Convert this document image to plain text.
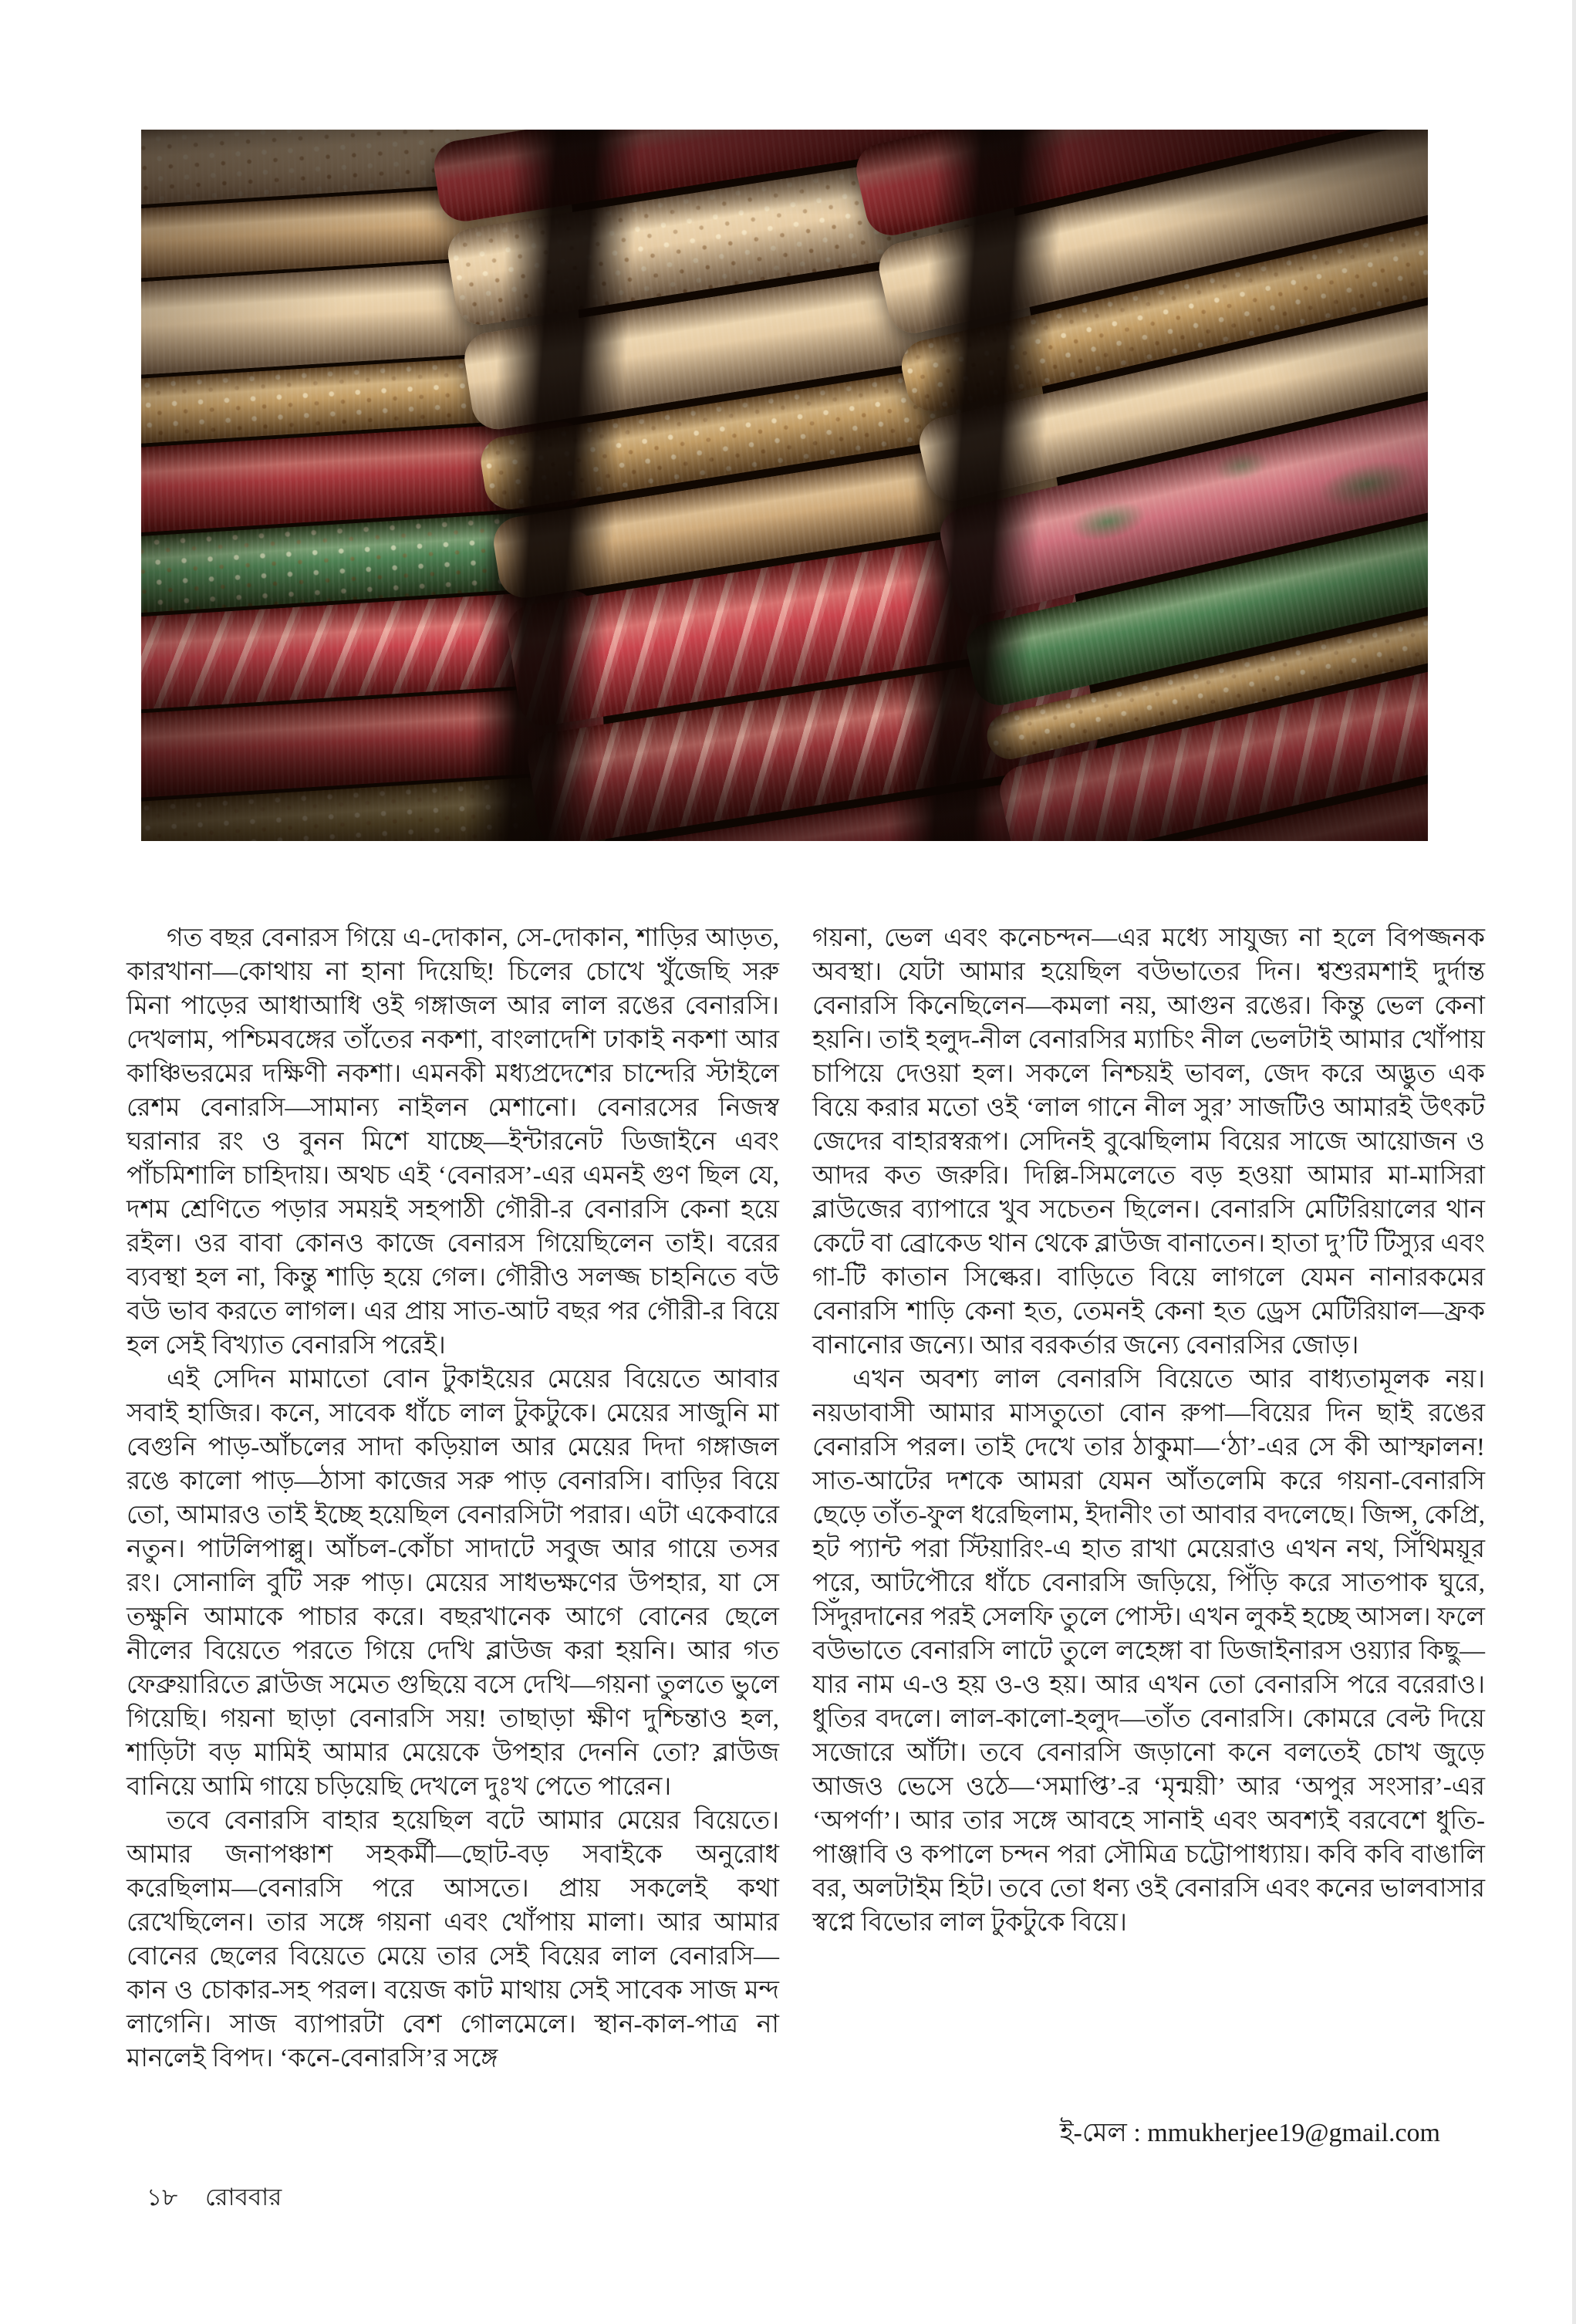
গত বছর বেনারস গিয়ে এ-দোকান, সে-দোকান, শাড়ির আড়ত, কারখানা—কোথায় না হানা দিয়েছি! চিলের চোখে খুঁজেছি সরু মিনা পাড়ের আধাআধি ওই গঙ্গাজল আর লাল রঙের বেনারসি। দেখলাম, পশ্চিমবঙ্গের তাঁতের নকশা, বাংলাদেশি ঢাকাই নকশা আর কাঞ্চিভরমের দক্ষিণী নকশা। এমনকী মধ্যপ্রদেশের চান্দেরি স্টাইলে রেশম বেনারসি—সামান্য নাইলন মেশানো। বেনারসের নিজস্ব ঘরানার রং ও বুনন মিশে যাচ্ছে—ইন্টারনেট ডিজাইনে এবং পাঁচমিশালি চাহিদায়। অথচ এই ‘বেনারস’-এর এমনই গুণ ছিল যে, দশম শ্রেণিতে পড়ার সময়ই সহপাঠী গৌরী-র বেনারসি কেনা হয়ে রইল। ওর বাবা কোনও কাজে বেনারস গিয়েছিলেন তাই। বরের ব্যবস্থা হল না, কিন্তু শাড়ি হয়ে গেল। গৌরীও সলজ্জ চাহনিতে বউ বউ ভাব করতে লাগল। এর প্রায় সাত-আট বছর পর গৌরী-র বিয়ে হল সেই বিখ্যাত বেনারসি পরেই।

এই সেদিন মামাতো বোন টুকাইয়ের মেয়ের বিয়েতে আবার সবাই হাজির। কনে, সাবেক ধাঁচে লাল টুকটুকে। মেয়ের সাজুনি মা বেগুনি পাড়-আঁচলের সাদা কড়িয়াল আর মেয়ের দিদা গঙ্গাজল রঙে কালো পাড়—ঠাসা কাজের সরু পাড় বেনারসি। বাড়ির বিয়ে তো, আমারও তাই ইচ্ছে হয়েছিল বেনারসিটা পরার। এটা একেবারে নতুন। পাটলিপাল্লু। আঁচল-কোঁচা সাদাটে সবুজ আর গায়ে তসর রং। সোনালি বুটি সরু পাড়। মেয়ের সাধভক্ষণের উপহার, যা সে তক্ষুনি আমাকে পাচার করে। বছরখানেক আগে বোনের ছেলে নীলের বিয়েতে পরতে গিয়ে দেখি ব্লাউজ করা হয়নি। আর গত ফেব্রুয়ারিতে ব্লাউজ সমেত গুছিয়ে বসে দেখি—গয়না তুলতে ভুলে গিয়েছি। গয়না ছাড়া বেনারসি সয়! তাছাড়া ক্ষীণ দুশ্চিন্তাও হল, শাড়িটা বড় মামিই আমার মেয়েকে উপহার দেননি তো? ব্লাউজ বানিয়ে আমি গায়ে চড়িয়েছি দেখলে দুঃখ পেতে পারেন।

তবে বেনারসি বাহার হয়েছিল বটে আমার মেয়ের বিয়েতে। আমার জনাপঞ্চাশ সহকর্মী—ছোট-বড় সবাইকে অনুরোধ করেছিলাম—বেনারসি পরে আসতে। প্রায় সকলেই কথা রেখেছিলেন। তার সঙ্গে গয়না এবং খোঁপায় মালা। আর আমার বোনের ছেলের বিয়েতে মেয়ে তার সেই বিয়ের লাল বেনারসি—কান ও চোকার-সহ পরল। বয়েজ কাট মাথায় সেই সাবেক সাজ মন্দ লাগেনি। সাজ ব্যাপারটা বেশ গোলমেলে। স্থান-কাল-পাত্র না মানলেই বিপদ। ‘কনে-বেনারসি’র সঙ্গে

গয়না, ভেল এবং কনেচন্দন—এর মধ্যে সাযুজ্য না হলে বিপজ্জনক অবস্থা। যেটা আমার হয়েছিল বউভাতের দিন। শ্বশুরমশাই দুর্দান্ত বেনারসি কিনেছিলেন—কমলা নয়, আগুন রঙের। কিন্তু ভেল কেনা হয়নি। তাই হলুদ-নীল বেনারসির ম্যাচিং নীল ভেলটাই আমার খোঁপায় চাপিয়ে দেওয়া হল। সকলে নিশ্চয়ই ভাবল, জেদ করে অদ্ভুত এক বিয়ে করার মতো ওই ‘লাল গানে নীল সুর’ সাজটিও আমারই উৎকট জেদের বাহারস্বরূপ। সেদিনই বুঝেছিলাম বিয়ের সাজে আয়োজন ও আদর কত জরুরি। দিল্লি-সিমলেতে বড় হওয়া আমার মা-মাসিরা ব্লাউজের ব্যাপারে খুব সচেতন ছিলেন। বেনারসি মেটিরিয়ালের থান কেটে বা ব্রোকেড থান থেকে ব্লাউজ বানাতেন। হাতা দু’টি টিস্যুর এবং গা-টি কাতান সিল্কের। বাড়িতে বিয়ে লাগলে যেমন নানারকমের বেনারসি শাড়ি কেনা হত, তেমনই কেনা হত ড্রেস মেটিরিয়াল—ফ্রক বানানোর জন্যে। আর বরকর্তার জন্যে বেনারসির জোড়।

এখন অবশ্য লাল বেনারসি বিয়েতে আর বাধ্যতামূলক নয়। নয়ডাবাসী আমার মাসতুতো বোন রুপা—বিয়ের দিন ছাই রঙের বেনারসি পরল। তাই দেখে তার ঠাকুমা—‘ঠা’-এর সে কী আস্ফালন! সাত-আটের দশকে আমরা যেমন আঁতলেমি করে গয়না-বেনারসি ছেড়ে তাঁত-ফুল ধরেছিলাম, ইদানীং তা আবার বদলেছে। জিন্স, কেপ্রি, হট প্যান্ট পরা স্টিয়ারিং-এ হাত রাখা মেয়েরাও এখন নথ, সিঁথিময়ূর পরে, আটপৌরে ধাঁচে বেনারসি জড়িয়ে, পিঁড়ি করে সাতপাক ঘুরে, সিঁদুরদানের পরই সেলফি তুলে পোস্ট। এখন লুকই হচ্ছে আসল। ফলে বউভাতে বেনারসি লাটে তুলে লহেঙ্গা বা ডিজাইনারস ওয়্যার কিছু—যার নাম এ-ও হয় ও-ও হয়। আর এখন তো বেনারসি পরে বরেরাও। ধুতির বদলে। লাল-কালো-হলুদ—তাঁত বেনারসি। কোমরে বেল্ট দিয়ে সজোরে আঁটা। তবে বেনারসি জড়ানো কনে বলতেই চোখ জুড়ে আজও ভেসে ওঠে—‘সমাপ্তি’-র ‘মৃন্ময়ী’ আর ‘অপুর সংসার’-এর ‘অপর্ণা’। আর তার সঙ্গে আবহে সানাই এবং অবশ্যই বরবেশে ধুতি-পাঞ্জাবি ও কপালে চন্দন পরা সৌমিত্র চট্টোপাধ্যায়। কবি কবি বাঙালি বর, অলটাইম হিট। তবে তো ধন্য ওই বেনারসি এবং কনের ভালবাসার স্বপ্নে বিভোর লাল টুকটুকে বিয়ে।

ই-মেল : mmukherjee19@gmail.com
১৮ রোববার
